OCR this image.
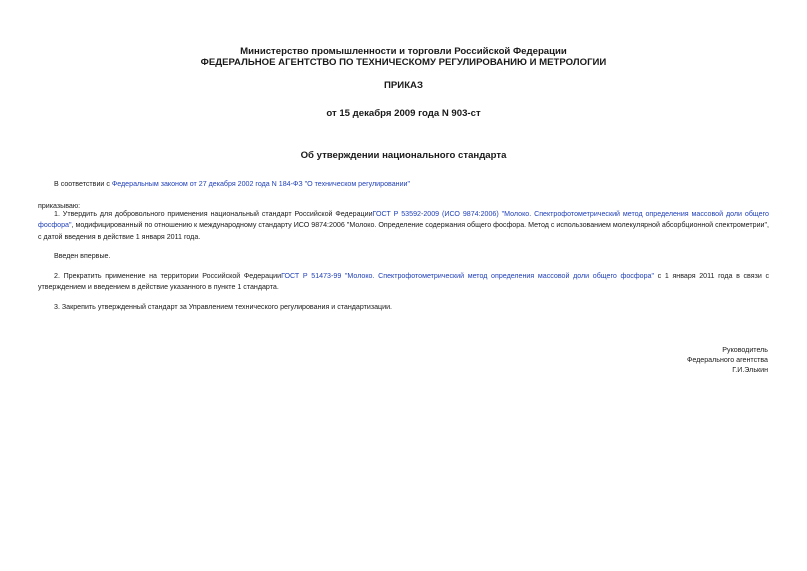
Министерство промышленности и торговли Российской Федерации
ФЕДЕРАЛЬНОЕ АГЕНТСТВО ПО ТЕХНИЧЕСКОМУ РЕГУЛИРОВАНИЮ И МЕТРОЛОГИИ
ПРИКАЗ
от 15 декабря 2009 года N 903-ст
Об утверждении национального стандарта
В соответствии с Федеральным законом от 27 декабря 2002 года N 184-ФЗ "О техническом регулировании"
приказываю:
1. Утвердить для добровольного применения национальный стандарт Российской ФедерацииГОСТ Р 53592-2009 (ИСО 9874:2006) "Молоко. Спектрофотометрический метод определения массовой доли общего фосфора", модифицированный по отношению к международному стандарту ИСО 9874:2006 "Молоко. Определение содержания общего фосфора. Метод с использованием молекулярной абсорбционной спектрометрии", с датой введения в действие 1 января 2011 года.
Введен впервые.
2. Прекратить применение на территории Российской ФедерацииГОСТ Р 51473-99 "Молоко. Спектрофотометрический метод определения массовой доли общего фосфора" с 1 января 2011 года в связи с утверждением и введением в действие указанного в пункте 1 стандарта.
3. Закрепить утвержденный стандарт за Управлением технического регулирования и стандартизации.
Руководитель
Федерального агентства
Г.И.Элькин
